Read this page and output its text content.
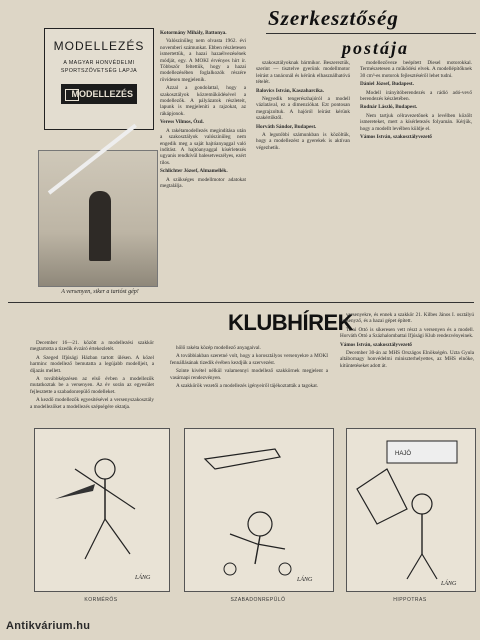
MODELLEZÉS
A MAGYAR HONVÉDELMI SPORTSZÖVETSÉG LAPJA
MODELLEZÉS
A versenyen, siker a tartóst gép!
Szerkesztőség
postája

Kotormány Mihály, Battonya.

Valószínűleg nem olvasta 1962. évi novemberi számunkat. Ebben részletesen ismertettük, a hazai hazaélvezésének módját, egy. A MOKI érvényes hírt ír. Többször feltettük, hogy a hazai modellezésében foglalkozók részére rövidesen megjelenik.

Azzal a gondolattal, hogy a szakosztályok közreműködésével a modellezők. A pályázatok részleteit, lapunk is megjeleníti a rajzokat, az rákápjonok.

Veress Vilmos, Ózd.

A rakétamodellezés megindítása után a szakosztályok valószínűleg nem engedik meg a saját hajtóanyaggal való indítást. A hajtóanyaggal kísérletezés ugyanis rendkívül balesetveszélyes, ezért tilos.

Schlichter József, Almamellék.

A szükséges modellmotor adatokat megtalálja.

szakosztályoknak bármikor. Beszereztük, szerint — tisztelve gyerünk modellmotor leírást a tanácsnál és kérünk elhasználhatóvá tételét.

Balovics István, Kaszaharcika.

Negyedik tengerészhajóról a modell vázlatával, ez a dimenziókat. Ezt pontosan megrajzoltuk. A hajóról leírást kérünk szakértőktől.

Horváth Sándor, Budapest.

A legutóbbi számunkban is közöltük, hogy a modellezést a gyerekek is aktívan végezhetik.

modellezőveze beépített Diesel motorokkal. Természetesen a működési elvek. A modellépítőknek 30 cm³-es motorok fejlesztéséről lehet tudni.

Dániel József, Budapest.

Modell irányítóberendezés a rádió adó-vevő berendezés készletében.

Rodnár László, Budapest.

Nem tartjuk célravezetőnek a levélben közölt ismereteket, mert a kísérletezés folyamán. Kérjük, hogy a modellt levélben küldje el.

Vámos István, szakosztályvezető

KLUBHÍREK

December 16—21. között a modellezési szakkör megtartotta a tizedik évzáró értekezletét.

A Szeged Ifjúsági Házban tartott ülésen. A közel harminc modellező bemutatta a legújabb modelljeit, a díjazás mellett.

A továbbképzésen az első évben a modellezők mutatkoztak be a versenyen. Az év során az egyesület fejlesztette a szabadonrepülő modelleket.

A kezdő modellezők egyesítésével a versenyszakosztály a modellezőket a modellezés szépségére oktatja.

hőlő rakéta közép modellező anyagaival.

A továbbiakban szeretné volt, hogy a korosztályos versenyekre a MOKI fennállásának tizedik évében kezdjük a szervezést.

Szinte kivétel nélkül valamennyi modellező szakkörnek megjelent a vasárnapi rendezvényen.

A szakkörök vezetői a modellezés igényeiről tájékoztatták a tagokat.

versenyekre, és ennek a szakkör 21. Kilbes János I. osztályú versenyző, és a hazai gépet épített.

Tatai Ottó is sikeresen vett részt a versenyen és a modell. Horváth Ottó a Százhalombattai Ifjúsági Klub rendezvényeinek.

Vámos István, szakosztályvezető

December 30-án az MHS Országos Elnökségén. Uzta Gyula altábornagy honvédelmi miniszterhelyettes, az MHS elnöke, kitüntetéseket adott át.

LÁNG	LÁNG
HAJÓ
LÁNG
KORMÉRŐS	SZABADONREPÜLŐ	HIPPOTRAS
Antikvárium.hu
